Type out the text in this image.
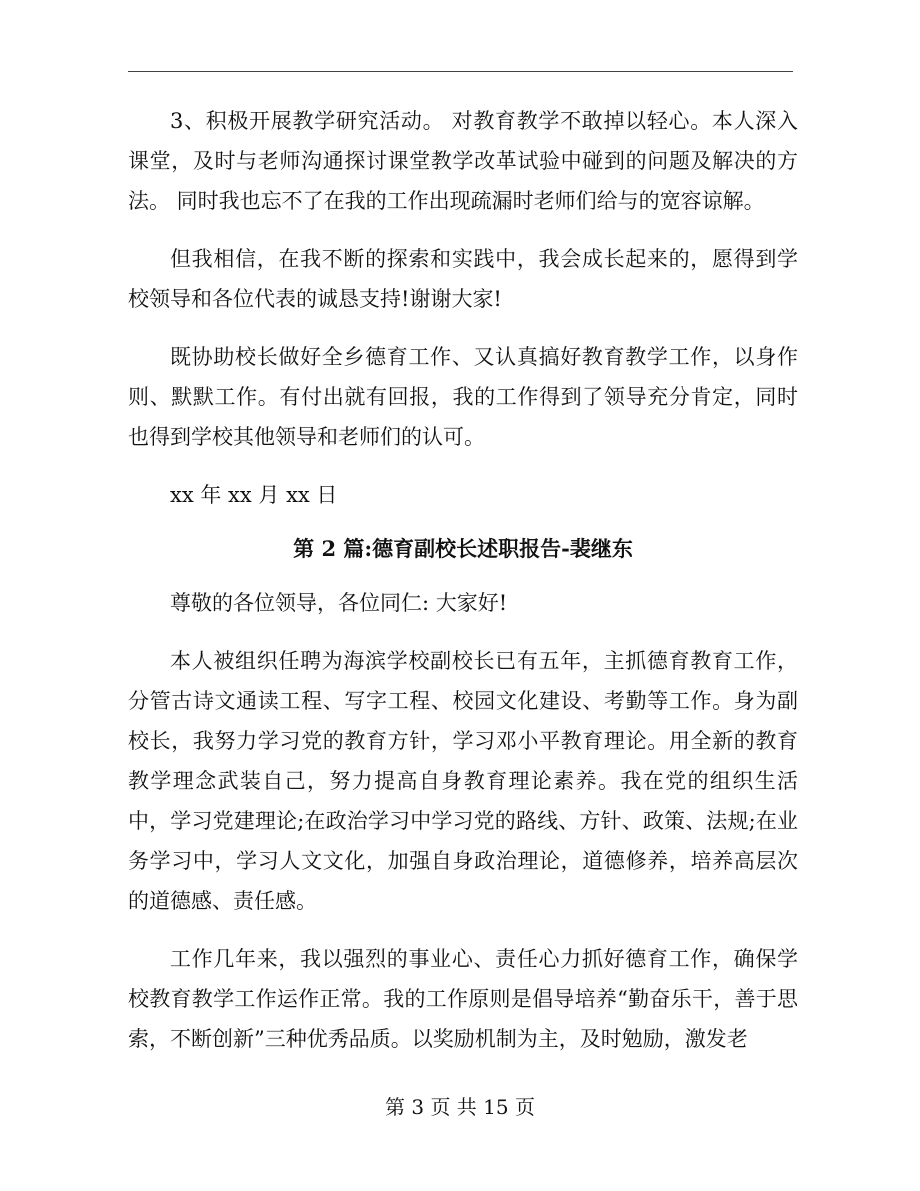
3、积极开展教学研究活动。 对教育教学不敢掉以轻心。本人深入课堂，及时与老师沟通探讨课堂教学改革试验中碰到的问题及解决的方法。 同时我也忘不了在我的工作出现疏漏时老师们给与的宽容谅解。

但我相信，在我不断的探索和实践中，我会成长起来的，愿得到学校领导和各位代表的诚恳支持!谢谢大家!

既协助校长做好全乡德育工作、又认真搞好教育教学工作，以身作则、默默工作。有付出就有回报，我的工作得到了领导充分肯定，同时也得到学校其他领导和老师们的认可。

xx 年 xx 月 xx 日

第 2 篇:德育副校长述职报告-裴继东

尊敬的各位领导，各位同仁: 大家好!

本人被组织任聘为海滨学校副校长已有五年，主抓德育教育工作，分管古诗文通读工程、写字工程、校园文化建设、考勤等工作。身为副校长，我努力学习党的教育方针，学习邓小平教育理论。用全新的教育教学理念武装自己，努力提高自身教育理论素养。我在党的组织生活中，学习党建理论;在政治学习中学习党的路线、方针、政策、法规;在业务学习中，学习人文文化，加强自身政治理论，道德修养，培养高层次的道德感、责任感。

工作几年来，我以强烈的事业心、责任心力抓好德育工作，确保学校教育教学工作运作正常。我的工作原则是倡导培养“勤奋乐干，善于思索，不断创新”三种优秀品质。以奖励机制为主，及时勉励，激发老

第 3 页 共 15 页
